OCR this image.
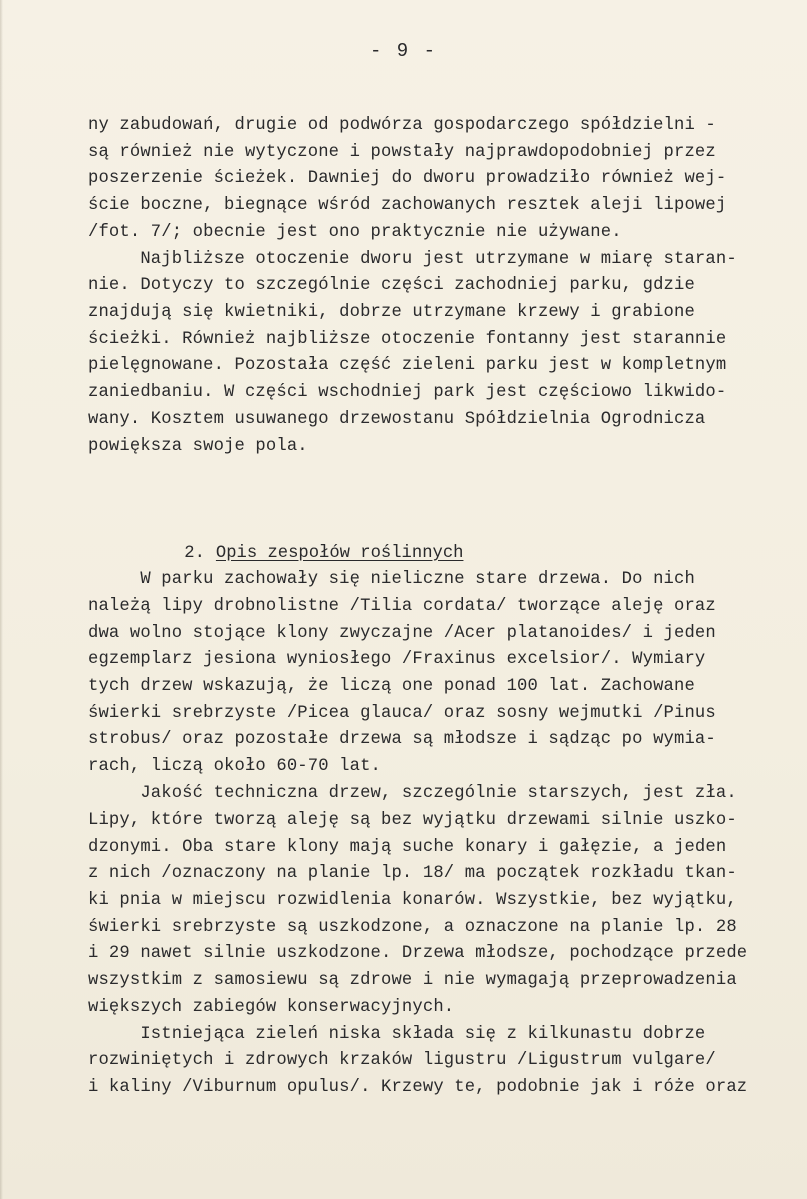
- 9 -
ny zabudowań, drugie od podwórza gospodarczego spółdzielni -
są również nie wytyczone i powstały najprawdopodobniej przez
poszerzenie ścieżek. Dawniej do dworu prowadziło również wej-
ście boczne, biegnące wśród zachowanych resztek aleji lipowej
/fot. 7/; obecnie jest ono praktycznie nie używane.
Najbliższe otoczenie dworu jest utrzymane w miarę staran-
nie. Dotyczy to szczególnie części zachodniej parku, gdzie
znajdują się kwietniki, dobrze utrzymane krzewy i grabione
ścieżki. Również najbliższe otoczenie fontanny jest starannie
pielęgnowane. Pozostała część zieleni parku jest w kompletnym
zaniedbaniu. W części wschodniej park jest częściowo likwido-
wany. Kosztem usuwanego drzewostanu Spółdzielnia Ogrodnicza
powiększa swoje pola.

2. Opis zespołów roślinnych

W parku zachowały się nieliczne stare drzewa. Do nich
należą lipy drobnolistne /Tilia cordata/ tworzące aleję oraz
dwa wolno stojące klony zwyczajne /Acer platanoides/ i jeden
egzemplarz jesiona wyniosłego /Fraxinus excelsior/. Wymiary
tych drzew wskazują, że liczą one ponad 100 lat. Zachowane
świerki srebrzyste /Picea glauca/ oraz sosny wejmutki /Pinus
strobus/ oraz pozostałe drzewa są młodsze i sądząc po wymia-
rach, liczą około 60-70 lat.
Jakość techniczna drzew, szczególnie starszych, jest zła.
Lipy, które tworzą aleję są bez wyjątku drzewami silnie uszko-
dzonymi. Oba stare klony mają suche konary i gałęzie, a jeden
z nich /oznaczony na planie lp. 18/ ma początek rozkładu tkan-
ki pnia w miejscu rozwidlenia konarów. Wszystkie, bez wyjątku,
świerki srebrzyste są uszkodzone, a oznaczone na planie lp. 28
i 29 nawet silnie uszkodzone. Drzewa młodsze, pochodzące przede
wszystkim z samosiewu są zdrowe i nie wymagają przeprowadzenia
większych zabiegów konserwacyjnych.
Istniejąca zieleń niska składa się z kilkunastu dobrze
rozwiniętych i zdrowych krzaków ligustru /Ligustrum vulgare/
i kaliny /Viburnum opulus/. Krzewy te, podobnie jak i róże oraz
